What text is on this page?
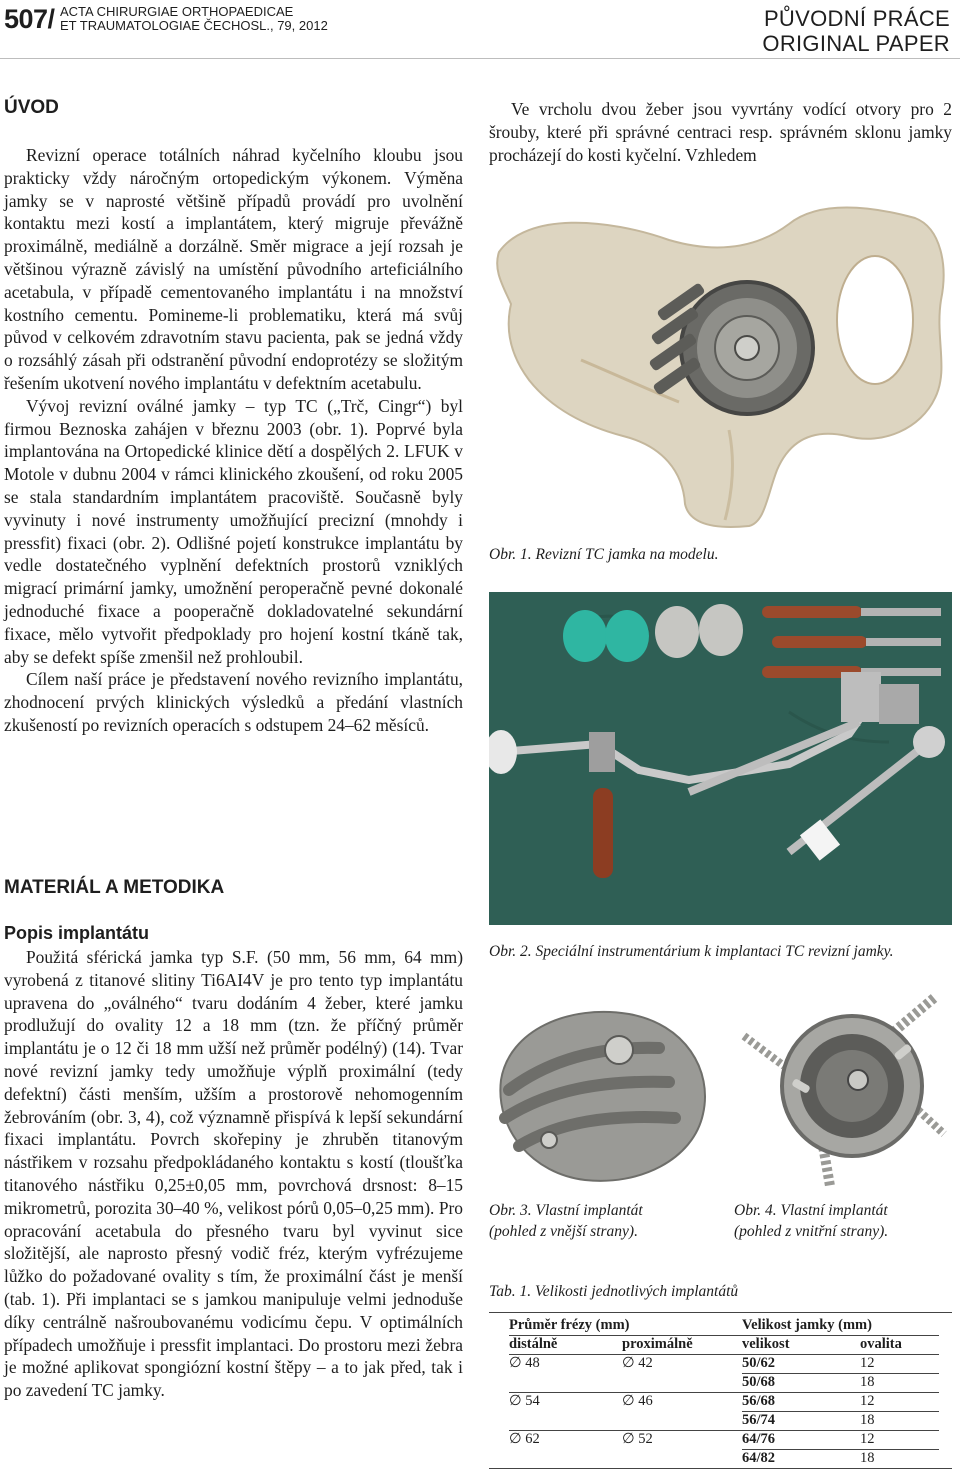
507/ ACTA CHIRURGIAE ORTHOPAEDICAE
ET TRAUMATOLOGIAE ČECHOSL., 79, 2012	PŮVODNÍ PRÁCE
ORIGINAL PAPER
ÚVOD

Revizní operace totálních náhrad kyčelního kloubu jsou prakticky vždy náročným ortopedickým výkonem. Výměna jamky se v naprosté většině případů provádí pro uvolnění kontaktu mezi kostí a implantátem, který migruje převážně proximálně, mediálně a dorzálně. Směr migrace a její rozsah je většinou výrazně závislý na umístění původního arteficiálního acetabula, v případě cementovaného implantátu i na množství kostního cementu. Pomineme-li problematiku, která má svůj původ v celkovém zdravotním stavu pacienta, pak se jedná vždy o rozsáhlý zásah při odstranění původní endoprotézy se složitým řešením ukotvení nového implantátu v defektním acetabulu.

Vývoj revizní oválné jamky – typ TC („Trč, Cingr“) byl firmou Beznoska zahájen v březnu 2003 (obr. 1). Poprvé byla implantována na Ortopedické klinice dětí a dospělých 2. LFUK v Motole v dubnu 2004 v rámci klinického zkoušení, od roku 2005 se stala standardním implantátem pracoviště. Současně byly vyvinuty i nové instrumenty umožňující precizní (mnohdy i pressfit) fixaci (obr. 2). Odlišné pojetí konstrukce implantátu by vedle dostatečného vyplnění defektních prostorů vzniklých migrací primární jamky, umožnění peroperačně pevné dokonalé jednoduché fixace a pooperačně dokladovatelné sekundární fixace, mělo vytvořit předpoklady pro hojení kostní tkáně tak, aby se defekt spíše zmenšil než prohloubil.

Cílem naší práce je představení nového revizního implantátu, zhodnocení prvých klinických výsledků a předání vlastních zkušeností po revizních operacích s odstupem 24–62 měsíců.

MATERIÁL A METODIKA
Popis implantátu

Použitá sférická jamka typ S.F. (50 mm, 56 mm, 64 mm) vyrobená z titanové slitiny Ti6AI4V je pro tento typ implantátu upravena do „oválného“ tvaru dodáním 4 žeber, které jamku prodlužují do ovality 12 a 18 mm (tzn. že příčný průměr implantátu je o 12 či 18 mm užší než průměr podélný) (14). Tvar nové revizní jamky tedy umožňuje výplň proximální (tedy defektní) části menším, užším a prostorově nehomogenním žebrováním (obr. 3, 4), což významně přispívá k lepší sekundární fixaci implantátu. Povrch skořepiny je zhruběn titanovým nástřikem v rozsahu předpokládaného kontaktu s kostí (tloušťka titanového nástřiku 0,25±0,05 mm, povrchová drsnost: 8–15 mikrometrů, porozita 30–40 %, velikost pórů 0,05–0,25 mm). Pro opracování acetabula do přesného tvaru byl vyvinut sice složitější, ale naprosto přesný vodič fréz, kterým vyfrézujeme lůžko do požadované ovality s tím, že proximální část je menší (tab. 1). Při implantaci se s jamkou manipuluje velmi jednoduše díky centrálně našroubovanému vodicímu čepu. V optimálních případech umožňuje i pressfit implantaci. Do prostoru mezi žebra je možné aplikovat spongiózní kostní štěpy – a to jak před, tak i po zavedení TC jamky.

Ve vrcholu dvou žeber jsou vyvrtány vodící otvory pro 2 šrouby, které při správné centraci resp. správném sklonu jamky procházejí do kosti kyčelní. Vzhledem

Obr. 1. Revizní TC jamka na modelu.
Obr. 2. Speciální instrumentárium k implantaci TC revizní jamky.
Obr. 3. Vlastní implantát
(pohled z vnější strany).
Obr. 4. Vlastní implantát
(pohled z vnitřní strany).
Tab. 1. Velikosti jednotlivých implantátů
Průměr frézy (mm)		Velikost jamky (mm)	
distálně	proximálně	velikost	ovalita
∅ 48	∅ 42	50/62	12
		50/68	18
∅ 54	∅ 46	56/68	12
		56/74	18
∅ 62	∅ 52	64/76	12
		64/82	18
